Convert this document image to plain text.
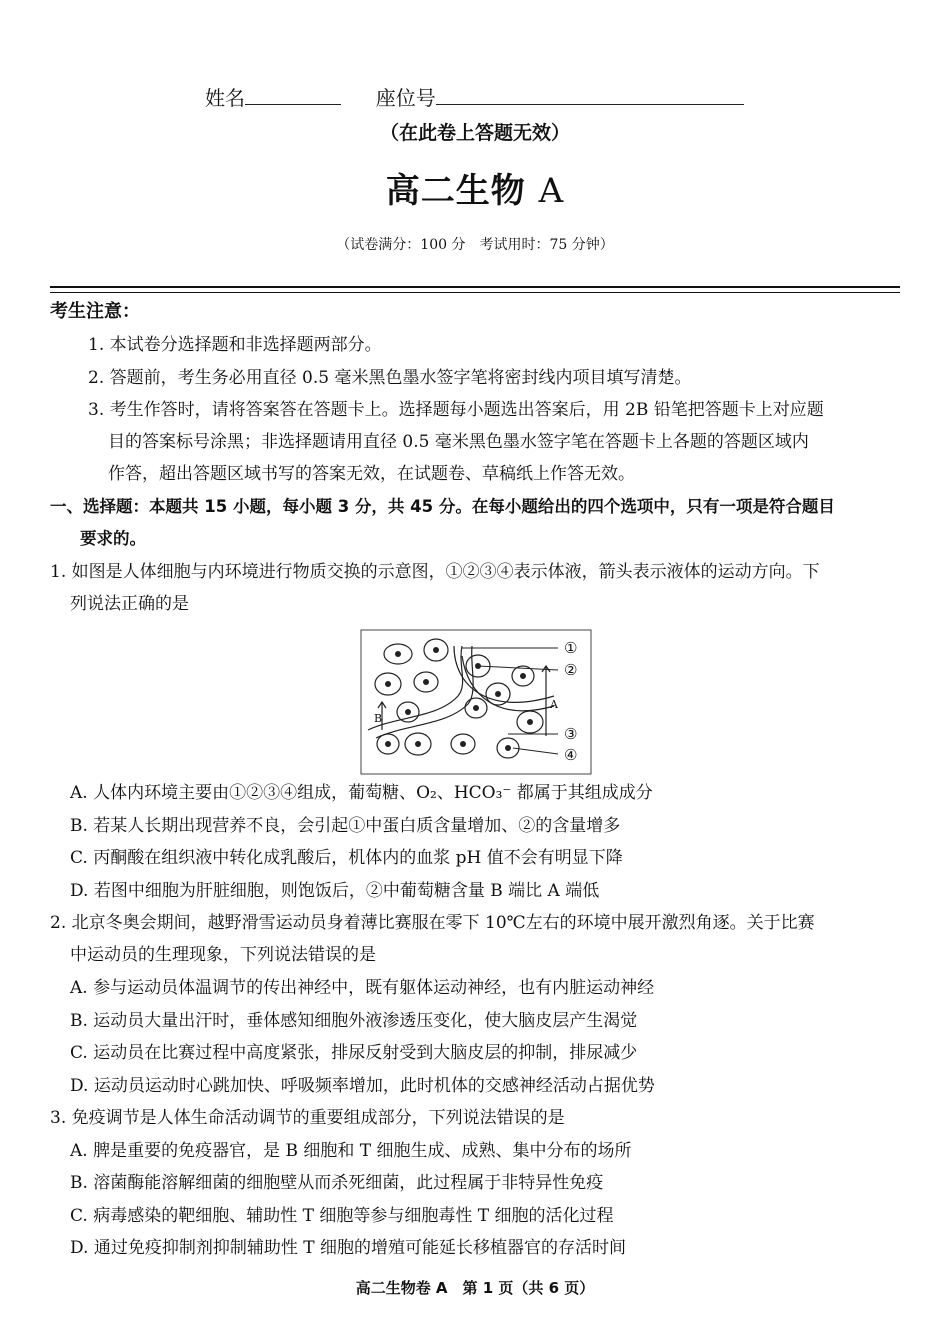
姓名	座位号
（在此卷上答题无效）
高二生物 A
（试卷满分：100 分　考试用时：75 分钟）
考生注意：
1. 本试卷分选择题和非选择题两部分。
2. 答题前，考生务必用直径 0.5 毫米黑色墨水签字笔将密封线内项目填写清楚。
3. 考生作答时，请将答案答在答题卡上。选择题每小题选出答案后，用 2B 铅笔把答题卡上对应题
目的答案标号涂黑；非选择题请用直径 0.5 毫米黑色墨水签字笔在答题卡上各题的答题区域内
作答，超出答题区域书写的答案无效，在试题卷、草稿纸上作答无效。
一、选择题：本题共 15 小题，每小题 3 分，共 45 分。在每小题给出的四个选项中，只有一项是符合题目
要求的。
1. 如图是人体细胞与内环境进行物质交换的示意图，①②③④表示体液，箭头表示液体的运动方向。下
列说法正确的是
①
②
③
④
A
B
A. 人体内环境主要由①②③④组成，葡萄糖、O₂、HCO₃⁻ 都属于其组成成分
B. 若某人长期出现营养不良，会引起①中蛋白质含量增加、②的含量增多
C. 丙酮酸在组织液中转化成乳酸后，机体内的血浆 pH 值不会有明显下降
D. 若图中细胞为肝脏细胞，则饱饭后，②中葡萄糖含量 B 端比 A 端低
2. 北京冬奥会期间，越野滑雪运动员身着薄比赛服在零下 10℃左右的环境中展开激烈角逐。关于比赛
中运动员的生理现象，下列说法错误的是
A. 参与运动员体温调节的传出神经中，既有躯体运动神经，也有内脏运动神经
B. 运动员大量出汗时，垂体感知细胞外液渗透压变化，使大脑皮层产生渴觉
C. 运动员在比赛过程中高度紧张，排尿反射受到大脑皮层的抑制，排尿减少
D. 运动员运动时心跳加快、呼吸频率增加，此时机体的交感神经活动占据优势
3. 免疫调节是人体生命活动调节的重要组成部分，下列说法错误的是
A. 脾是重要的免疫器官，是 B 细胞和 T 细胞生成、成熟、集中分布的场所
B. 溶菌酶能溶解细菌的细胞壁从而杀死细菌，此过程属于非特异性免疫
C. 病毒感染的靶细胞、辅助性 T 细胞等参与细胞毒性 T 细胞的活化过程
D. 通过免疫抑制剂抑制辅助性 T 细胞的增殖可能延长移植器官的存活时间
高二生物卷 A　第 1 页（共 6 页）
